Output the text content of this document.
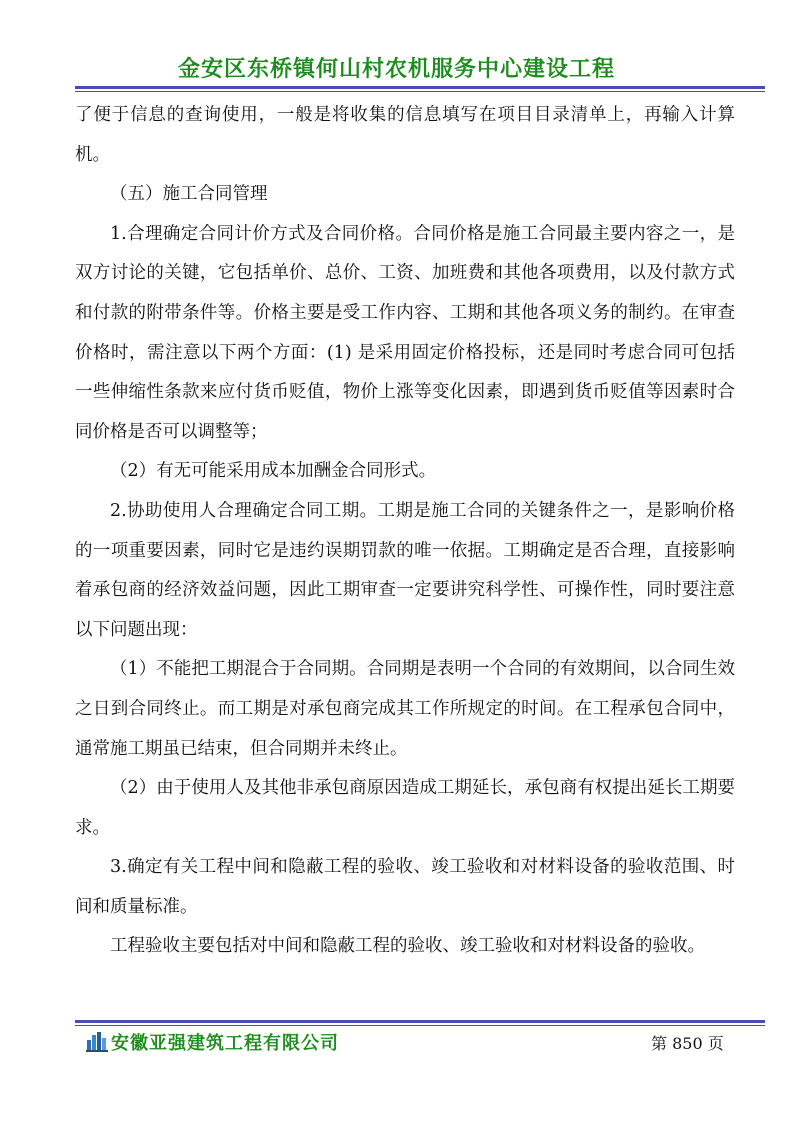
金安区东桥镇何山村农机服务中心建设工程

了便于信息的查询使用，一般是将收集的信息填写在项目目录清单上，再输入计算机。

（五）施工合同管理

1.合理确定合同计价方式及合同价格。合同价格是施工合同最主要内容之一，是双方讨论的关键，它包括单价、总价、工资、加班费和其他各项费用，以及付款方式和付款的附带条件等。价格主要是受工作内容、工期和其他各项义务的制约。在审查价格时，需注意以下两个方面：(1) 是采用固定价格投标，还是同时考虑合同可包括一些伸缩性条款来应付货币贬值，物价上涨等变化因素，即遇到货币贬值等因素时合同价格是否可以调整等；

（2）有无可能采用成本加酬金合同形式。

2.协助使用人合理确定合同工期。工期是施工合同的关键条件之一，是影响价格的一项重要因素，同时它是违约误期罚款的唯一依据。工期确定是否合理，直接影响着承包商的经济效益问题，因此工期审查一定要讲究科学性、可操作性，同时要注意以下问题出现：

（1）不能把工期混合于合同期。合同期是表明一个合同的有效期间，以合同生效之日到合同终止。而工期是对承包商完成其工作所规定的时间。在工程承包合同中，通常施工期虽已结束，但合同期并未终止。

（2）由于使用人及其他非承包商原因造成工期延长，承包商有权提出延长工期要求。

3.确定有关工程中间和隐蔽工程的验收、竣工验收和对材料设备的验收范围、时间和质量标准。

工程验收主要包括对中间和隐蔽工程的验收、竣工验收和对材料设备的验收。

安徽亚强建筑工程有限公司	第 850 页
